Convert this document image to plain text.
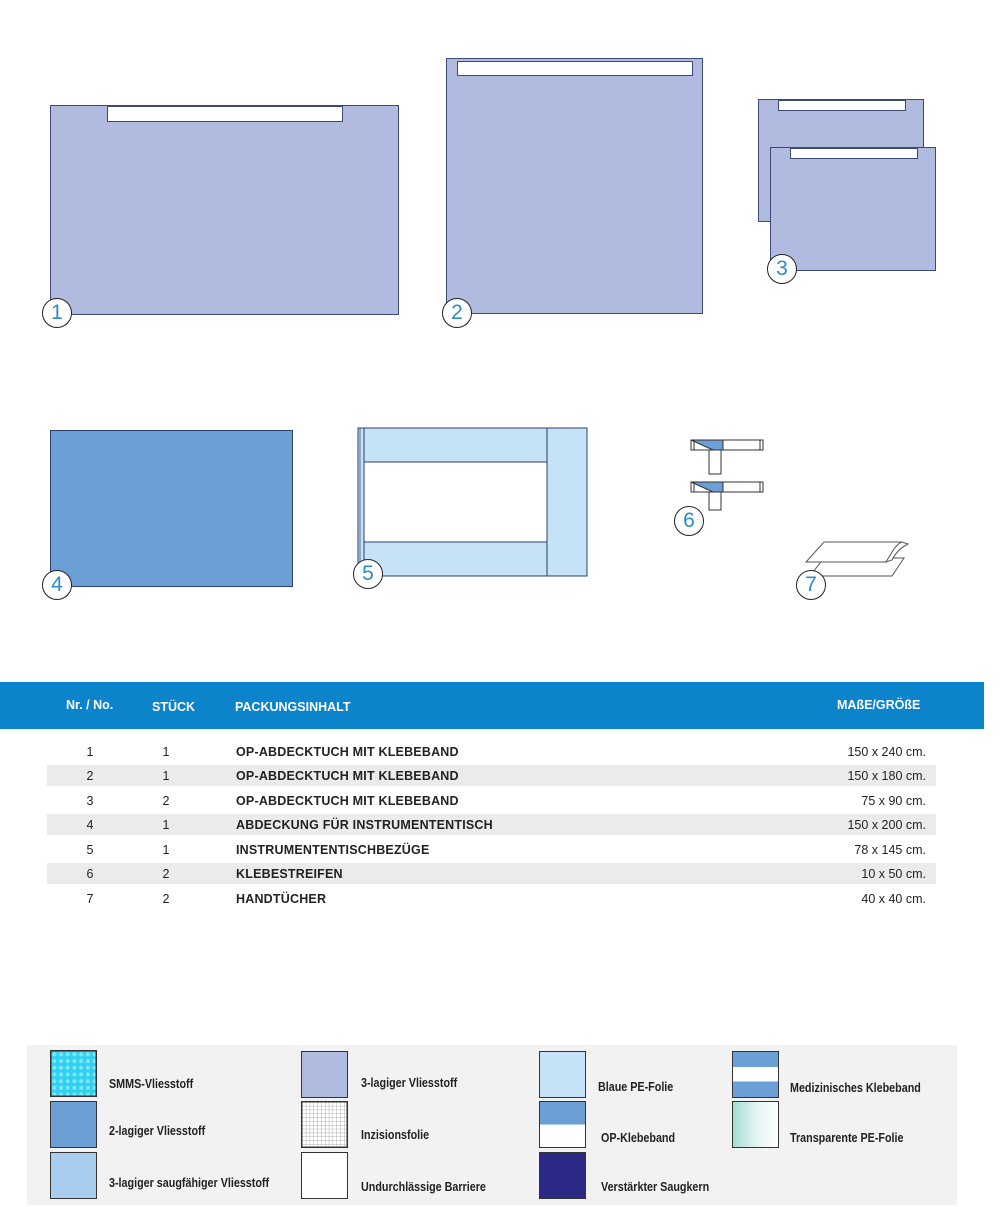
1	2
3
4	5
6
7
Nr. / No.	STÜCK	PACKUNGSINHALT	MAßE/GRÖßE
1	1	OP-ABDECKTUCH MIT KLEBEBAND	150 x 240 cm.
2	1	OP-ABDECKTUCH MIT KLEBEBAND	150 x 180 cm.
3	2	OP-ABDECKTUCH MIT KLEBEBAND	75 x 90 cm.
4	1	ABDECKUNG FÜR INSTRUMENTENTISCH	150 x 200 cm.
5	1	INSTRUMENTENTISCHBEZÜGE	78 x 145 cm.
6	2	KLEBESTREIFEN	10 x 50 cm.
7	2	HANDTÜCHER	40 x 40 cm.
SMMS-Vliesstoff
2-lagiger Vliesstoff
3-lagiger saugfähiger Vliesstoff
3-lagiger Vliesstoff
Inzisionsfolie
Undurchlässige Barriere
Blaue PE-Folie
OP-Klebeband
Verstärkter Saugkern
Medizinisches Klebeband
Transparente PE-Folie
